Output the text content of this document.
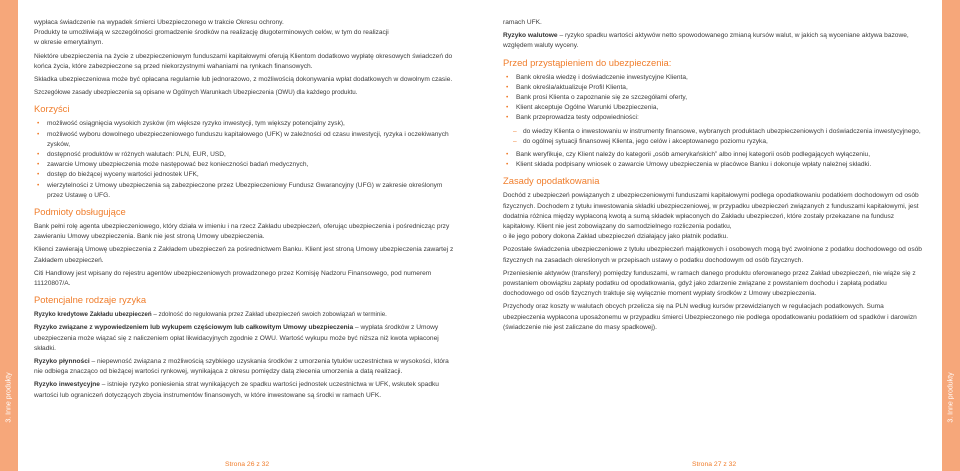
3. Inne produkty	3. Inne produkty

wypłaca świadczenie na wypadek śmierci Ubezpieczonego w trakcie Okresu ochrony.
Produkty te umożliwiają w szczególności gromadzenie środków na realizację długoterminowych celów, w tym do realizacji
w okresie emerytalnym.

Niektóre ubezpieczenia na życie z ubezpieczeniowym funduszami kapitałowymi oferują Klientom dodatkowo wypłatę okresowych świadczeń do końca życia, które zabezpieczone są przed niekorzystnymi wahaniami na rynkach finansowych.

Składka ubezpieczeniowa może być opłacana regularnie lub jednorazowo, z możliwością dokonywania wpłat dodatkowych w dowolnym czasie.

Szczegółowe zasady ubezpieczenia są opisane w Ogólnych Warunkach Ubezpieczenia (OWU) dla każdego produktu.

Korzyści
• możliwość osiągnięcia wysokich zysków (im większe ryzyko inwestycji, tym większy potencjalny zysk),
• możliwość wyboru dowolnego ubezpieczeniowego funduszu kapitałowego (UFK) w zależności od czasu inwestycji, ryzyka i oczekiwanych zysków,
• dostępność produktów w różnych walutach: PLN, EUR, USD,
• zawarcie Umowy ubezpieczenia może następować bez konieczności badań medycznych,
• dostęp do bieżącej wyceny wartości jednostek UFK,
• wierzytelności z Umowy ubezpieczenia są zabezpieczone przez Ubezpieczeniowy Fundusz Gwarancyjny (UFG) w zakresie określonym przez Ustawę o UFG.
Podmioty obsługujące

Bank pełni rolę agenta ubezpieczeniowego, który działa w imieniu i na rzecz Zakładu ubezpieczeń, oferując ubezpieczenia i pośrednicząc przy zawieraniu Umowy ubezpieczenia. Bank nie jest stroną Umowy ubezpieczenia.

Klienci zawierają Umowę ubezpieczenia z Zakładem ubezpieczeń za pośrednictwem Banku. Klient jest stroną Umowy ubezpieczenia zawartej z Zakładem ubezpieczeń.

Citi Handlowy jest wpisany do rejestru agentów ubezpieczeniowych prowadzonego przez Komisję Nadzoru Finansowego, pod numerem 11120807/A.

Potencjalne rodzaje ryzyka

Ryzyko kredytowe Zakładu ubezpieczeń – zdolność do regulowania przez Zakład ubezpieczeń swoich zobowiązań w terminie.

Ryzyko związane z wypowiedzeniem lub wykupem częściowym lub całkowitym Umowy ubezpieczenia – wypłata środków z Umowy ubezpieczenia może wiązać się z naliczeniem opłat likwidacyjnych zgodnie z OWU. Wartość wykupu może być niższa niż kwota wpłaconej składki.

Ryzyko płynności – niepewność związana z możliwością szybkiego uzyskania środków z umorzenia tytułów uczestnictwa w wysokości, która nie odbiega znacząco od bieżącej wartości rynkowej, wynikająca z okresu pomiędzy datą zlecenia umorzenia a datą realizacji.

Ryzyko inwestycyjne – istnieje ryzyko poniesienia strat wynikających ze spadku wartości jednostek uczestnictwa w UFK, wskutek spadku wartości lub ograniczeń dotyczących zbycia instrumentów finansowych, w które inwestowane są środki w ramach UFK.

Strona 26 z 32

ramach UFK.

Ryzyko walutowe – ryzyko spadku wartości aktywów netto spowodowanego zmianą kursów walut, w jakich są wyceniane aktywa bazowe, względem waluty wyceny.

Przed przystąpieniem do ubezpieczenia:
• Bank określa wiedzę i doświadczenie inwestycyjne Klienta,
• Bank określa/aktualizuje Profil Klienta,
• Bank prosi Klienta o zapoznanie się ze szczegółami oferty,
• Klient akceptuje Ogólne Warunki Ubezpieczenia,
• Bank przeprowadza testy odpowiedniości:
– do wiedzy Klienta o inwestowaniu w instrumenty finansowe, wybranych produktach ubezpieczeniowych i doświadczenia inwestycyjnego,
– do ogólnej sytuacji finansowej Klienta, jego celów i akceptowanego poziomu ryzyka,
• Bank weryfikuje, czy Klient należy do kategorii „osób amerykańskich” albo innej kategorii osób podlegających wyłączeniu,
• Klient składa podpisany wniosek o zawarcie Umowy ubezpieczenia w placówce Banku i dokonuje wpłaty należnej składki.
Zasady opodatkowania

Dochód z ubezpieczeń powiązanych z ubezpieczeniowymi funduszami kapitałowymi podlega opodatkowaniu podatkiem dochodowym od osób fizycznych. Dochodem z tytułu inwestowania składki ubezpieczeniowej, w przypadku ubezpieczeń związanych z funduszami kapitałowymi, jest dodatnia różnica między wypłaconą kwotą a sumą składek wpłaconych do Zakładu ubezpieczeń, które zostały przekazane na fundusz kapitałowy. Klient nie jest zobowiązany do samodzielnego rozliczenia podatku,
o ile jego pobory dokona Zakład ubezpieczeń działający jako płatnik podatku.

Pozostałe świadczenia ubezpieczeniowe z tytułu ubezpieczeń majątkowych i osobowych mogą być zwolnione z podatku dochodowego od osób fizycznych na zasadach określonych w przepisach ustawy o podatku dochodowym od osób fizycznych.

Przeniesienie aktywów (transfery) pomiędzy funduszami, w ramach danego produktu oferowanego przez Zakład ubezpieczeń, nie wiąże się z powstaniem obowiązku zapłaty podatku od opodatkowania, gdyż jako zdarzenie związane z powstaniem dochodu i zapłatą podatku dochodowego od osób fizycznych traktuje się wyłącznie moment wypłaty środków z Umowy ubezpieczenia.

Przychody oraz koszty w walutach obcych przelicza się na PLN według kursów przewidzianych w regulacjach podatkowych. Suma ubezpieczenia wypłacona uposażonemu w przypadku śmierci Ubezpieczonego nie podlega opodatkowaniu podatkiem od spadków i darowizn (świadczenie nie jest zaliczane do masy spadkowej).

Strona 27 z 32
